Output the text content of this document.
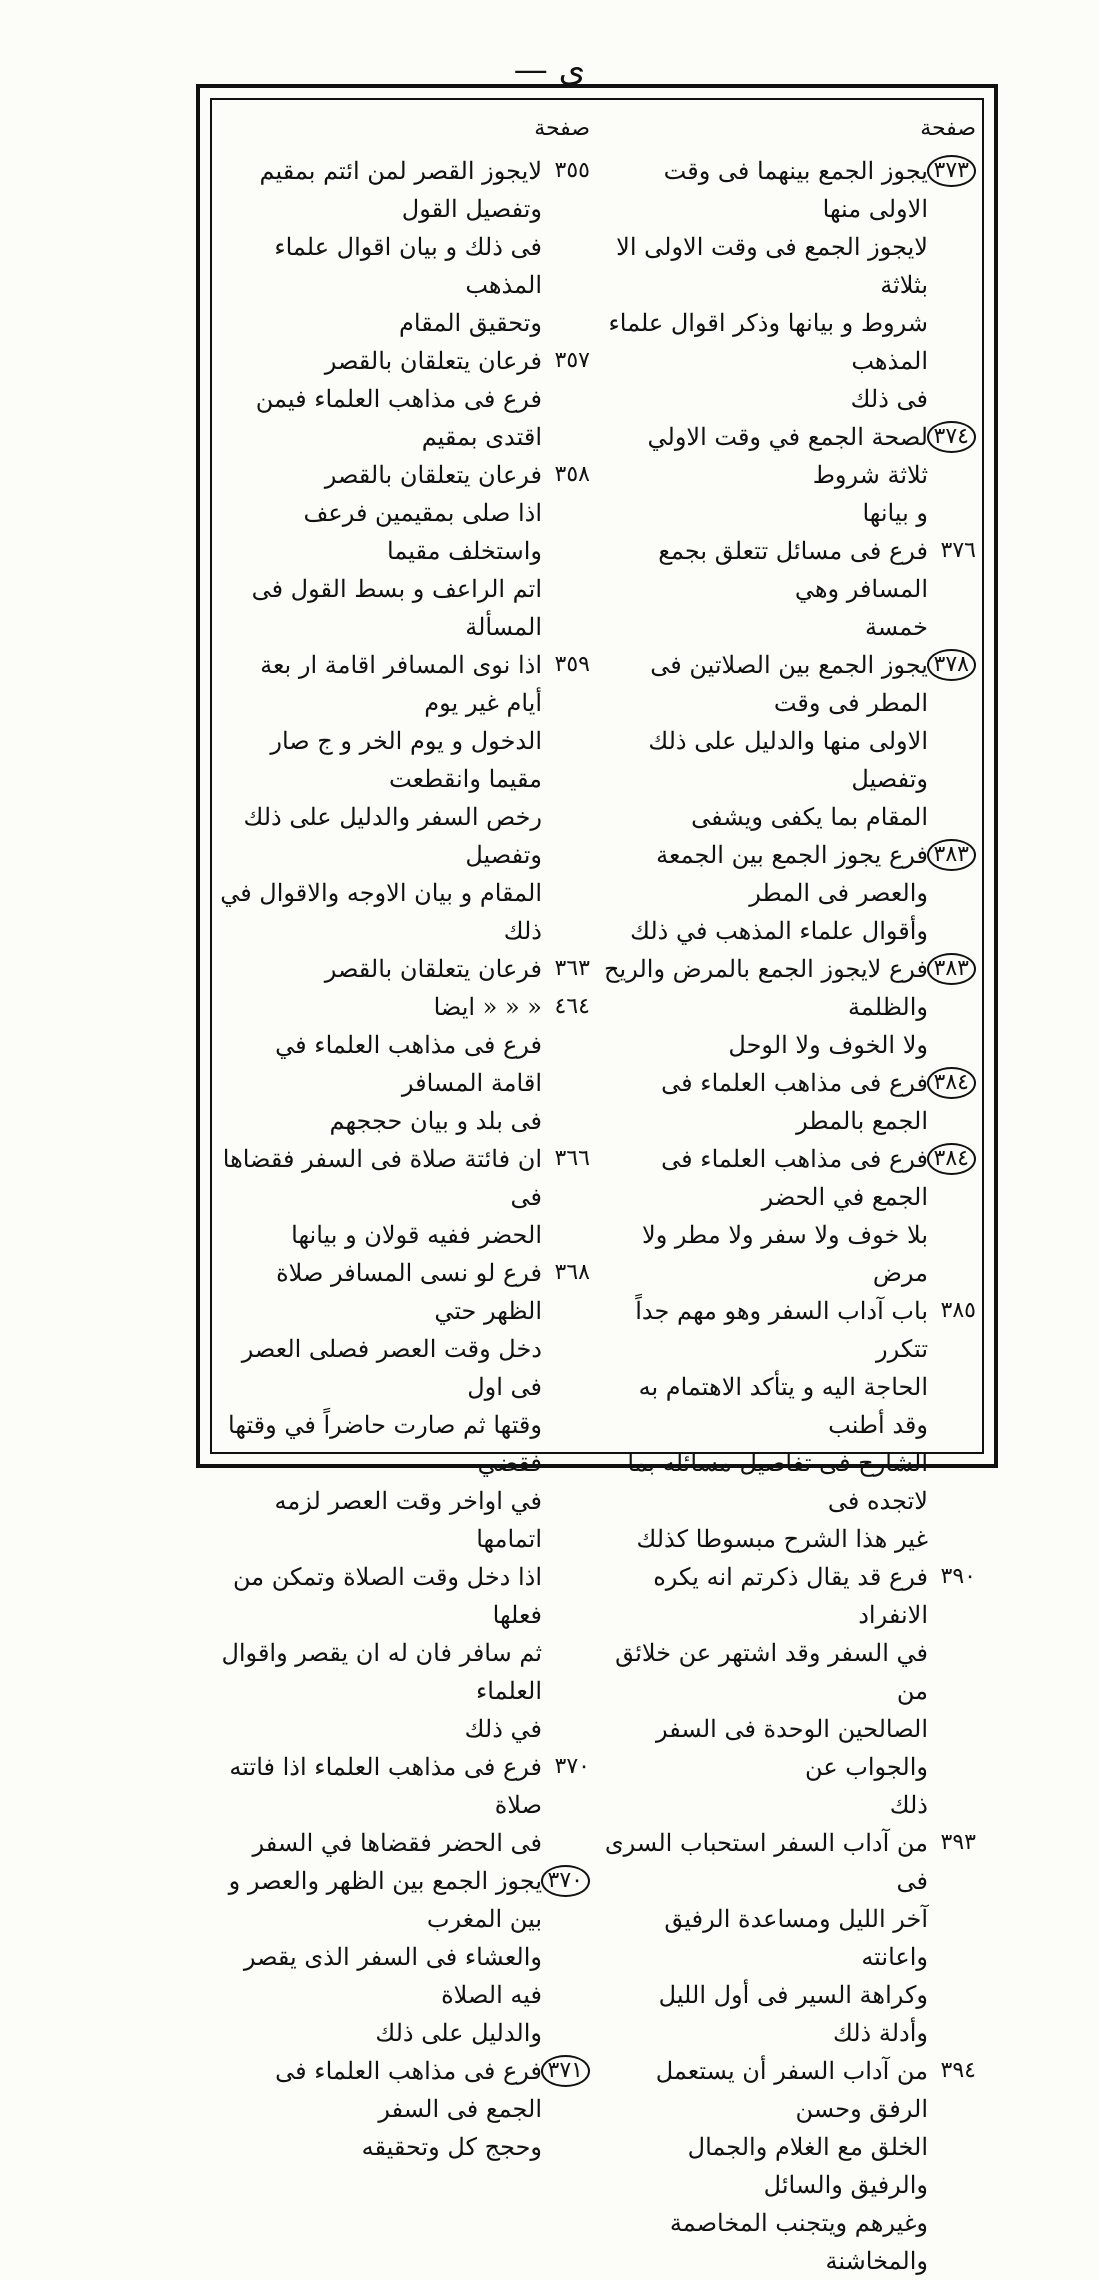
ى —
صفحة
٣٥٥
لايجوز القصر لمن ائتم بمقيم وتفصيل القول
فى ذلك و بيان اقوال علماء المذهب
وتحقيق المقام
٣٥٧
فرعان يتعلقان بالقصر
فرع فى مذاهب العلماء فيمن اقتدى بمقيم
٣٥٨
فرعان يتعلقان بالقصر
اذا صلى بمقيمين فرعف واستخلف مقيما
اتم الراعف و بسط القول فى المسألة
٣٥٩
اذا نوى المسافر اقامة ار بعة أيام غير يوم
الدخول و يوم الخر و ج صار مقيما وانقطعت
رخص السفر والدليل على ذلك وتفصيل
المقام و بيان الاوجه والاقوال في ذلك
٣٦٣
فرعان يتعلقان بالقصر
٤٦٤
« « « ايضا
فرع فى مذاهب العلماء في اقامة المسافر
فى بلد و بيان حججهم
٣٦٦
ان فائتة صلاة فى السفر فقضاها فى
الحضر ففيه قولان و بيانها
٣٦٨
فرع لو نسى المسافر صلاة الظهر حتي
دخل وقت العصر فصلى العصر فى اول
وقتها ثم صارت حاضراً في وقتها فقضي
في اواخر وقت العصر لزمه اتمامها
اذا دخل وقت الصلاة وتمكن من فعلها
ثم سافر فان له ان يقصر واقوال العلماء
في ذلك
٣٧٠
فرع فى مذاهب العلماء اذا فاتته صلاة
فى الحضر فقضاها في السفر
٣٧٠
يجوز الجمع بين الظهر والعصر و بين المغرب
والعشاء فى السفر الذى يقصر فيه الصلاة
والدليل على ذلك
٣٧١
فرع فى مذاهب العلماء فى الجمع فى السفر
وحجج كل وتحقيقه
صفحة
٣٧٣
يجوز الجمع بينهما فى وقت الاولى منها
لايجوز الجمع فى وقت الاولى الا بثلاثة
شروط و بيانها وذكر اقوال علماء المذهب
فى ذلك
٣٧٤
لصحة الجمع في وقت الاولي ثلاثة شروط
و بيانها
٣٧٦
فرع فى مسائل تتعلق بجمع المسافر وهي
خمسة
٣٧٨
يجوز الجمع بين الصلاتين فى المطر فى وقت
الاولى منها والدليل على ذلك وتفصيل
المقام بما يكفى ويشفى
٣٨٣
فرع يجوز الجمع بين الجمعة والعصر فى المطر
وأقوال علماء المذهب في ذلك
٣٨٣
فرع لايجوز الجمع بالمرض والريح والظلمة
ولا الخوف ولا الوحل
٣٨٤
فرع فى مذاهب العلماء فى الجمع بالمطر
٣٨٤
فرع فى مذاهب العلماء فى الجمع في الحضر
بلا خوف ولا سفر ولا مطر ولا مرض
٣٨٥
باب آداب السفر وهو مهم جداً تتكرر
الحاجة اليه و يتأكد الاهتمام به وقد أطنب
الشارح فى تفاصيل مسائله بما لاتجده فى
غير هذا الشرح مبسوطا كذلك
٣٩٠
فرع قد يقال ذكرتم انه يكره الانفراد
في السفر وقد اشتهر عن خلائق من
الصالحين الوحدة فى السفر والجواب عن
ذلك
٣٩٣
من آداب السفر استحباب السرى فى
آخر الليل ومساعدة الرفيق واعانته
وكراهة السير فى أول الليل وأدلة ذلك
٣٩٤
من آداب السفر أن يستعمل الرفق وحسن
الخلق مع الغلام والجمال والرفيق والسائل
وغيرهم ويتجنب المخاصمة والمخاشنة
